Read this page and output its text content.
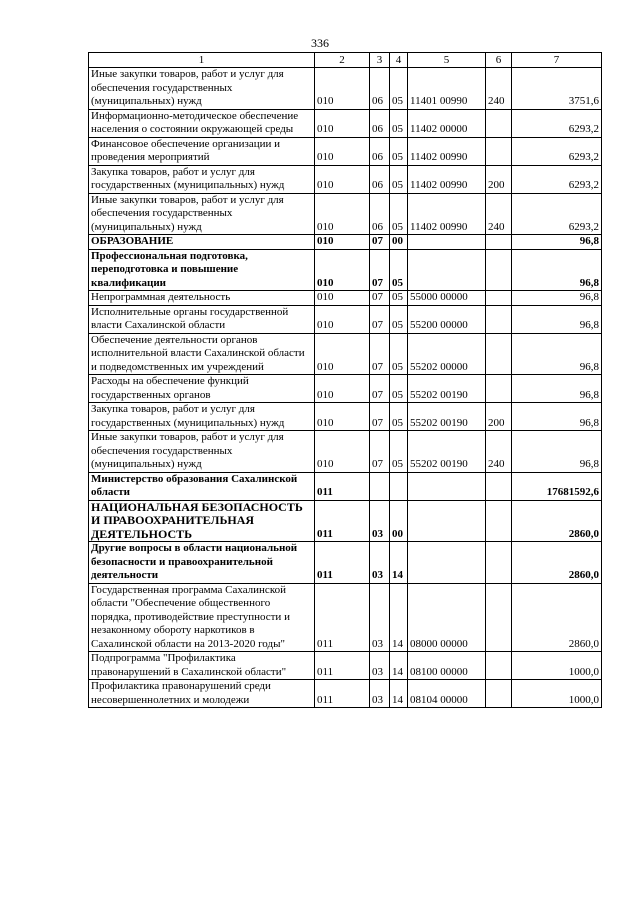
336
1	2	3	4	5	6	7
Иные закупки товаров, работ и услуг для обеспечения государственных (муниципальных) нужд	010	06	05	11401 00990	240	3751,6
Информационно-методическое обеспечение населения о состоянии окружающей среды	010	06	05	11402 00000		6293,2
Финансовое обеспечение организации и проведения мероприятий	010	06	05	11402 00990		6293,2
Закупка товаров, работ и услуг для государственных (муниципальных) нужд	010	06	05	11402 00990	200	6293,2
Иные закупки товаров, работ и услуг для обеспечения государственных (муниципальных) нужд	010	06	05	11402 00990	240	6293,2
ОБРАЗОВАНИЕ	010	07	00			96,8
Профессиональная подготовка, переподготовка и повышение квалификации	010	07	05			96,8
Непрограммная деятельность	010	07	05	55000 00000		96,8
Исполнительные органы государственной власти Сахалинской области	010	07	05	55200 00000		96,8
Обеспечение деятельности органов исполнительной власти Сахалинской области и подведомственных им учреждений	010	07	05	55202 00000		96,8
Расходы на обеспечение функций государственных органов	010	07	05	55202 00190		96,8
Закупка товаров, работ и услуг для государственных (муниципальных) нужд	010	07	05	55202 00190	200	96,8
Иные закупки товаров, работ и услуг для обеспечения государственных (муниципальных) нужд	010	07	05	55202 00190	240	96,8
Министерство образования Сахалинской области	011					17681592,6
НАЦИОНАЛЬНАЯ БЕЗОПАСНОСТЬ И ПРАВООХРАНИТЕЛЬНАЯ ДЕЯТЕЛЬНОСТЬ	011	03	00			2860,0
Другие вопросы в области национальной безопасности и правоохранительной деятельности	011	03	14			2860,0
Государственная программа Сахалинской области "Обеспечение общественного порядка, противодействие преступности и незаконному обороту наркотиков в Сахалинской области на 2013-2020 годы"	011	03	14	08000 00000		2860,0
Подпрограмма "Профилактика правонарушений в Сахалинской области"	011	03	14	08100 00000		1000,0
Профилактика правонарушений среди несовершеннолетних и молодежи	011	03	14	08104 00000		1000,0
